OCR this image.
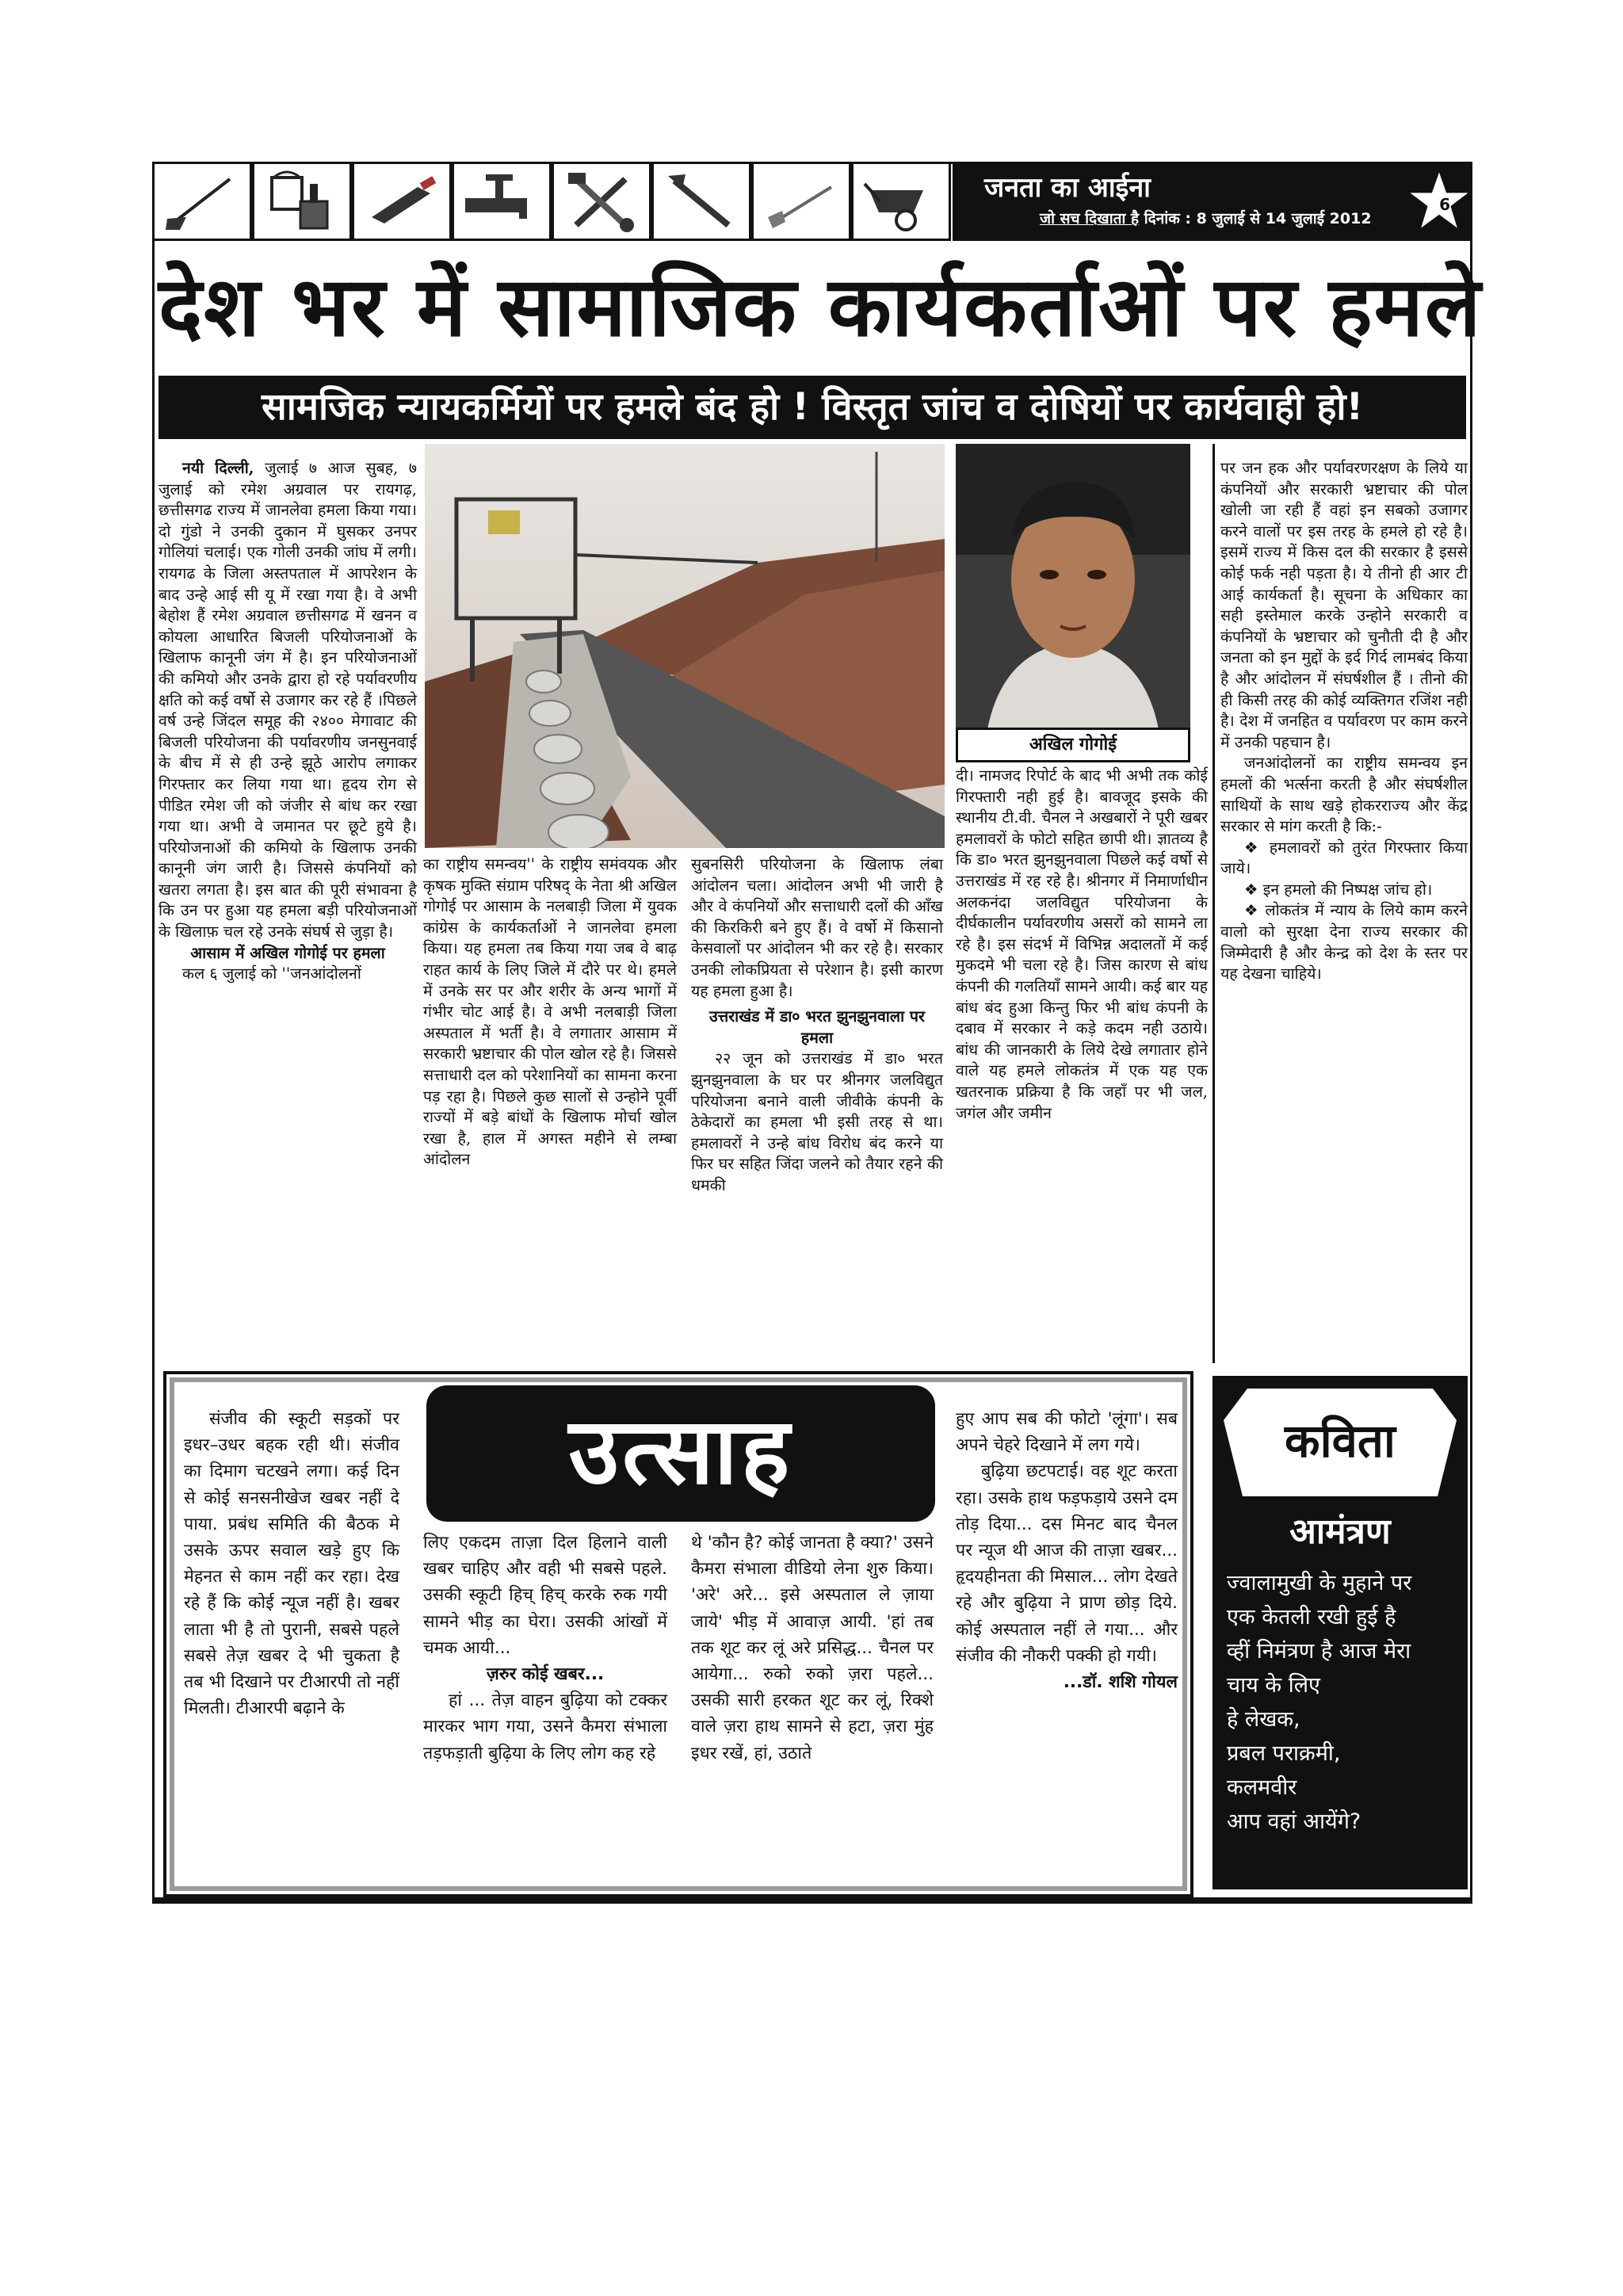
जनता का आईना
जो सच दिखाता है दिनांक : 8 जुलाई से 14 जुलाई 2012
6
देश भर में सामाजिक कार्यकर्ताओं पर हमले
सामजिक न्यायकर्मियों पर हमले बंद हो ! विस्तृत जांच व दोषियों पर कार्यवाही हो!

नयी दिल्ली, जुलाई ७ आज सुबह, ७ जुलाई को रमेश अग्रवाल पर रायगढ़, छत्तीसगढ राज्य में जानलेवा हमला किया गया। दो गुंडो ने उनकी दुकान में घुसकर उनपर गोलियां चलाई। एक गोली उनकी जांघ में लगी। रायगढ के जिला अस्तपताल में आपरेशन के बाद उन्हे आई सी यू में रखा गया है। वे अभी बेहोश हैं रमेश अग्रवाल छत्तीसगढ में खनन व कोयला आधारित बिजली परियोजनाओं के खिलाफ कानूनी जंग में है। इन परियोजनाओं की कमियो और उनके द्वारा हो रहे पर्यावरणीय क्षति को कई वर्षो से उजागर कर रहे हैं ।पिछले वर्ष उन्हे जिंदल समूह की २४०० मेगावाट की बिजली परियोजना की पर्यावरणीय जनसुनवाई के बीच में से ही उन्हे झूठे आरोप लगाकर गिरफ्तार कर लिया गया था। हृदय रोग से पीडित रमेश जी को जंजीर से बांध कर रखा गया था। अभी वे जमानत पर छूटे हुये है। परियोजनाओं की कमियो के खिलाफ उनकी कानूनी जंग जारी है। जिससे कंपनियों को खतरा लगता है। इस बात की पूरी संभावना है कि उन पर हुआ यह हमला बड़ी परियोजनाओं के खिलाफ़ चल रहे उनके संघर्ष से जुड़ा है।

आसाम में अखिल गोगोई पर हमला

कल ६ जुलाई को ''जनआंदोलनों

अखिल गोगोई

का राष्ट्रीय समन्वय'' के राष्ट्रीय समंवयक और कृषक मुक्ति संग्राम परिषद् के नेता श्री अखिल गोगोई पर आसाम के नलबाड़ी जिला में युवक कांग्रेस के कार्यकर्ताओं ने जानलेवा हमला किया। यह हमला तब किया गया जब वे बाढ़ राहत कार्य के लिए जिले में दौरे पर थे। हमले में उनके सर पर और शरीर के अन्य भागों में गंभीर चोट आई है। वे अभी नलबाड़ी जिला अस्पताल में भर्ती है। वे लगातार आसाम में सरकारी भ्रष्टाचार की पोल खोल रहे है। जिससे सत्ताधारी दल को परेशानियों का सामना करना पड़ रहा है। पिछले कुछ सालों से उन्होने पूर्वी राज्यों में बड़े बांधों के खिलाफ मोर्चा खोल रखा है, हाल में अगस्त महीने से लम्बा आंदोलन

सुबनसिरी परियोजना के खिलाफ लंबा आंदोलन चला। आंदोलन अभी भी जारी है और वे कंपनियों और सत्ताधारी दलों की आँख की किरकिरी बने हुए हैं। वे वर्षो में किसानो केसवालों पर आंदोलन भी कर रहे है। सरकार उनकी लोकप्रियता से परेशान है। इसी कारण यह हमला हुआ है।

उत्तराखंड में डा० भरत झुनझुनवाला पर हमला

२२ जून को उत्तराखंड में डा० भरत झुनझुनवाला के घर पर श्रीनगर जलविद्युत परियोजना बनाने वाली जीवीके कंपनी के ठेकेदारों का हमला भी इसी तरह से था। हमलावरों ने उन्हे बांध विरोध बंद करने या फिर घर सहित जिंदा जलने को तैयार रहने की धमकी

दी। नामजद रिपोर्ट के बाद भी अभी तक कोई गिरफ्तारी नही हुई है। बावजूद इसके की स्थानीय टी.वी. चैनल ने अखबारों ने पूरी खबर हमलावरों के फोटो सहित छापी थी। ज्ञातव्य है कि डा० भरत झुनझुनवाला पिछले कई वर्षो से उत्तराखंड में रह रहे है। श्रीनगर में निमार्णाधीन अलकनंदा जलविद्युत परियोजना के दीर्घकालीन पर्यावरणीय असरों को सामने ला रहे है। इस संदर्भ में विभिन्न अदालतों में कई मुकदमे भी चला रहे है। जिस कारण से बांध कंपनी की गलतियाँ सामने आयी। कई बार यह बांध बंद हुआ किन्तु फिर भी बांध कंपनी के दबाव में सरकार ने कड़े कदम नही उठाये। बांध की जानकारी के लिये देखे लगातार होने वाले यह हमले लोकतंत्र में एक यह एक खतरनाक प्रक्रिया है कि जहाँ पर भी जल, जगंल और जमीन

पर जन हक और पर्यावरणरक्षण के लिये या कंपनियों और सरकारी भ्रष्टाचार की पोल खोली जा रही हैं वहां इन सबको उजागर करने वालों पर इस तरह के हमले हो रहे है। इसमें राज्य में किस दल की सरकार है इससे कोई फर्क नही पड़ता है। ये तीनो ही आर टी आई कार्यकर्ता है। सूचना के अधिकार का सही इस्तेमाल करके उन्होने सरकारी व कंपनियों के भ्रष्टाचार को चुनौती दी है और जनता को इन मुद्दों के इर्द गिर्द लामबंद किया है और आंदोलन में संघर्षशील हैं । तीनो की ही किसी तरह की कोई व्यक्तिगत रजिंश नही है। देश में जनहित व पर्यावरण पर काम करने में उनकी पहचान है।

जनआंदोलनों का राष्ट्रीय समन्वय इन हमलों की भर्त्सना करती है और संघर्षशील साथियों के साथ खड़े होकरराज्य और केंद्र सरकार से मांग करती है कि:-

❖ हमलावरों को तुरंत गिरफ्तार किया जाये।

❖ इन हमलो की निष्पक्ष जांच हो।

❖ लोकतंत्र में न्याय के लिये काम करने वालो को सुरक्षा देना राज्य सरकार की जिम्मेदारी है और केन्द्र को देश के स्तर पर यह देखना चाहिये।

उत्साह

संजीव की स्कूटी सड़कों पर इधर–उधर बहक रही थी। संजीव का दिमाग चटखने लगा। कई दिन से कोई सनसनीखेज खबर नहीं दे पाया. प्रबंध समिति की बैठक मे उसके ऊपर सवाल खड़े हुए कि मेहनत से काम नहीं कर रहा। देख रहे हैं कि कोई न्यूज नहीं है। खबर लाता भी है तो पुरानी, सबसे पहले सबसे तेज़ खबर दे भी चुकता है तब भी दिखाने पर टीआरपी तो नहीं मिलती। टीआरपी बढ़ाने के

लिए एकदम ताज़ा दिल हिलाने वाली खबर चाहिए और वही भी सबसे पहले. उसकी स्कूटी हिच् हिच् करके रुक गयी सामने भीड़ का घेरा। उसकी आंखों में चमक आयी...

ज़रुर कोई खबर...

हां ... तेज़ वाहन बुढ़िया को टक्कर मारकर भाग गया, उसने कैमरा संभाला तड़फड़ाती बुढ़िया के लिए लोग कह रहे

थे 'कौन है? कोई जानता है क्या?' उसने कैमरा संभाला वीडियो लेना शुरु किया। 'अरे' अरे... इसे अस्पताल ले ज़ाया जाये' भीड़ में आवाज़ आयी. 'हां तब तक शूट कर लूं अरे प्रसिद्ध... चैनल पर आयेगा... रुको रुको ज़रा पहले... उसकी सारी हरकत शूट कर लूं, रिक्शे वाले ज़रा हाथ सामने से हटा, ज़रा मुंह इधर रखें, हां, उठाते

हुए आप सब की फोटो 'लूंगा'। सब अपने चेहरे दिखाने में लग गये।

बुढ़िया छटपटाई। वह शूट करता रहा। उसके हाथ फड़फड़ाये उसने दम तोड़ दिया... दस मिनट बाद चैनल पर न्यूज थी आज की ताज़ा खबर... हृदयहीनता की मिसाल... लोग देखते रहे और बुढ़िया ने प्राण छोड़ दिये. कोई अस्पताल नहीं ले गया... और संजीव की नौकरी पक्की हो गयी।

...डॉ. शशि गोयल

कविता
आमंत्रण
ज्वालामुखी के मुहाने पर
एक केतली रखी हुई है
व्हीं निमंत्रण है आज मेरा
चाय के लिए
हे लेखक,
प्रबल पराक्रमी,
कलमवीर
आप वहां आयेंगे?
